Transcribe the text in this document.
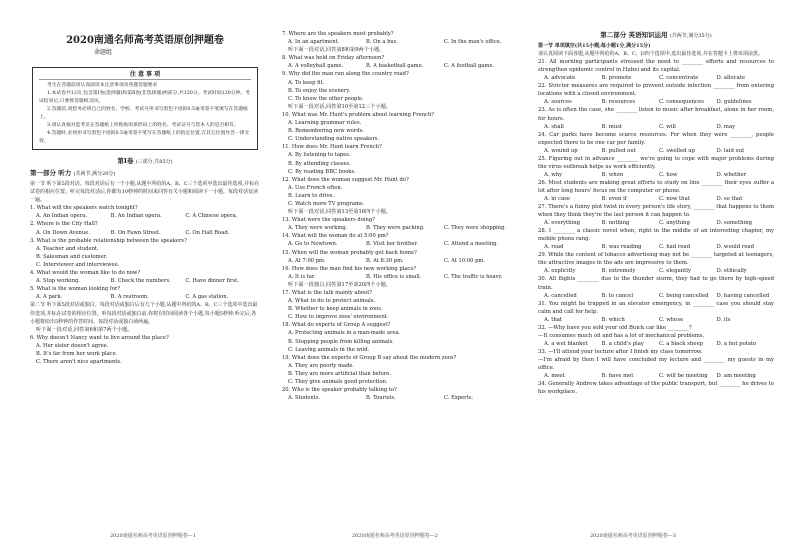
2020南通名师高考英语原创押题卷
命题组
注 意 事 项

考生在答题前请认真阅读本注意事项及各题答题要求

1.本试卷共12页,包含第Ⅰ卷(选择题)和第Ⅱ卷(非选择题)两部分,共120分。考试时间120分钟。考试结束后,只要将答题纸交回。

2.答题前,请您务必将自己的姓名、学校、考试号用书写黑色字迹的0.5毫米签字笔填写在答题纸上。

3.请认真核对监考员在答题纸上所粘贴的条形码上的姓名、考试证号与您本人的是否相符。

4.答题时,必须用书写黑色字迹的0.5毫米签字笔写在答题纸上的指定位置,在其它位置作答一律无效。

第Ⅰ卷 (三部分,共85分)
第一部分 听力 (共两节,满分20分)
第一节 听下面5段对话。每段对话后有一个小题,从题中所给的A、B、C三个选项中选出最佳选项,并标在试卷的相应位置。听完每段对话后,你都有10秒钟的时间来回答有关小题和阅读下一小题。每段对话仅读一遍。
1. What will the speakers watch tonight?
A. An Indian opera.	B. An Indian opera.	C. A Chinese opera.
2. Where is the City Hall?
A. On Down Avenue.	B. On Fawn Street.	C. On Hall Road.
3. What is the probable relationship between the speakers?
A. Teacher and student.
B. Salesman and customer.
C. Interviewer and interviewee.
4. What would the woman like to do now?
A. Stop working.	B. Check the numbers.	C. Have dinner first.
5. What is the woman looking for?
A. A park.	B. A restroom.	C. A gas station.
第二节 听下面5段对话或独白。每段对话或独白后有几个小题,从题中所给的A、B、C三个选项中选出最佳选项,并标在试卷的相应位置。听每段对话或独白前,你将有时间阅读各个小题,每小题5秒钟;听完后,各小题将给出5秒钟的作答时间。每段对话或独白读两遍。
听下面一段对话,回答第6和第7两个小题。
6. Why doesn't Nancy want to live around the place?
A. Her sister doesn't agree.
B. It's far from her work place.
C. There aren't nice apartments.
7. Where are the speakers most probably?
A. In an apartment.	B. On a bus.	C. In the man's office.
听下面一段对话,回答第8和第9两个小题。
8. What was held on Friday afternoon?
A. A volleyball game.	B. A basketball game.	C. A football game.
9. Why did the man run along the country road?
A. To keep fit.
B. To enjoy the scenery.
C. To know the other people.
听下面一段对话,回答第10至第12三个小题。
10. What was Mr. Hunt's problem about learning French?
A. Learning grammar rules.
B. Remembering new words.
C. Understanding native speakers.
11. How does Mr. Hunt learn French?
A. By listening to tapes.
B. By attending classes.
C. By reading BBC books.
12. What does the woman suggest Mr. Hunt do?
A. Use French often.
B. Learn to drive.
C. Watch more TV programs.
听下面一段对话,回答第13至第16四个小题。
13. What were the speakers doing?
A. They were working.	B. They were packing.	C. They were shopping.
14. What will the woman do at 5:00 pm?
A. Go to Newtown.	B. Visit her brother.	C. Attend a meeting.
15. When will the woman probably get back home?
A. At 7:00 pm.	B. At 8:30 pm.	C. At 10:00 pm.
16. How does the man find his new working place?
A. It is far.	B. His office is small.	C. The traffic is heavy.
听下面一段独白,回答第17至第20四个小题。
17. What is the talk mainly about?
A. What to do to protect animals.
B. Whether to keep animals in zoos.
C. How to improve zoos' environment.
18. What do experts of Group A suggest?
A. Protecting animals in a man-made area.
B. Stopping people from killing animals.
C. Leaving animals in the wild.
19. What does the experts of Group B say about the modern zoos?
A. They are poorly made.
B. They are more artificial than before.
C. They give animals good protection.
20. Who is the speaker probably talking to?
A. Students.	B. Tourists.	C. Experts.
第二部分 英语知识运用 (共两节,满分35分)
第一节 单项填空(共15小题;每小题1分,满分15分)
请认真阅读下面各题,从题中所给的A、B、C、D四个选项中,选出最佳选项,并在答题卡上将该项涂黑。
21. All morning participants stressed the need to ________ efforts and resources to strengthen epidemic control in Hubei and its capital.
A. advocate	B. promote	C. concentrate	D. allocate
22. Stricter measures are required to prevent outside infection ________ from entering locations with a closed environment.
A. sources	B. resources	C. consequences	D. guidelines
23. As is often the case, she ________ listen to music after breakfast, alone in her room, for hours.
A. shall	B. must	C. will	D. may
24. Car parks have become scarce resources. For when they were ________, people expected there to be one car per family.
A. wound up	B. pulled out	C. swelled up	D. laid out
25. Figuring out in advance ________ we're going to cope with major problems during the virus outbreak helps us work efficiently.
A. why	B. when	C. how	D. whether
26. Most students are making great efforts to study on line ________ their eyes suffer a lot after long hours' focus on the computer or phone.
A. in case	B. even if	C. now that	D. so that
27. There's a funny plot twist in every person's life story, ________ that happens to them when they think they're the last person it can happen to.
A. everything	B. nothing	C. anything	D. something
28. I ________ a classic novel when, right in the middle of an interesting chapter, my mobile phone rang.
A. read	B. was reading	C. had read	D. would read
29. While the content of tobacco advertising may not be ________ targeted at teenagers, the attractive images in the ads are impressive to them.
A. explicitly	B. extremely	C. elegantly	D. ethically
30. All flights ________ due to the thunder storm, they had to go there by high-speed train.
A. cancelled	B. to cancel	C. being cancelled	D. having cancelled
31. You might be trapped in an elevator emergency, in ________ case you should stay calm and call for help.
A. that	B. which	C. whose	D. its
32. —Why have you sold your old Buick car like ________?
—It consumes much oil and has a lot of mechanical problems.
A. a wet blanket	B. a child's play	C. a black sheep	D. a hot potato
33. —I'll attend your lecture after I finish my class tomorrow.
—I'm afraid by then I will have concluded my lecture and ________ my guests in my office.
A. meet	B. have met	C. will be meeting	D. am meeting
34. Generally Andrew takes advantage of the public transport, but ________ he drives to his workplace.
2020南通名师高考英语原创押题卷—1	2020南通名师高考英语原创押题卷—2	2020南通名师高考英语原创押题卷—3
